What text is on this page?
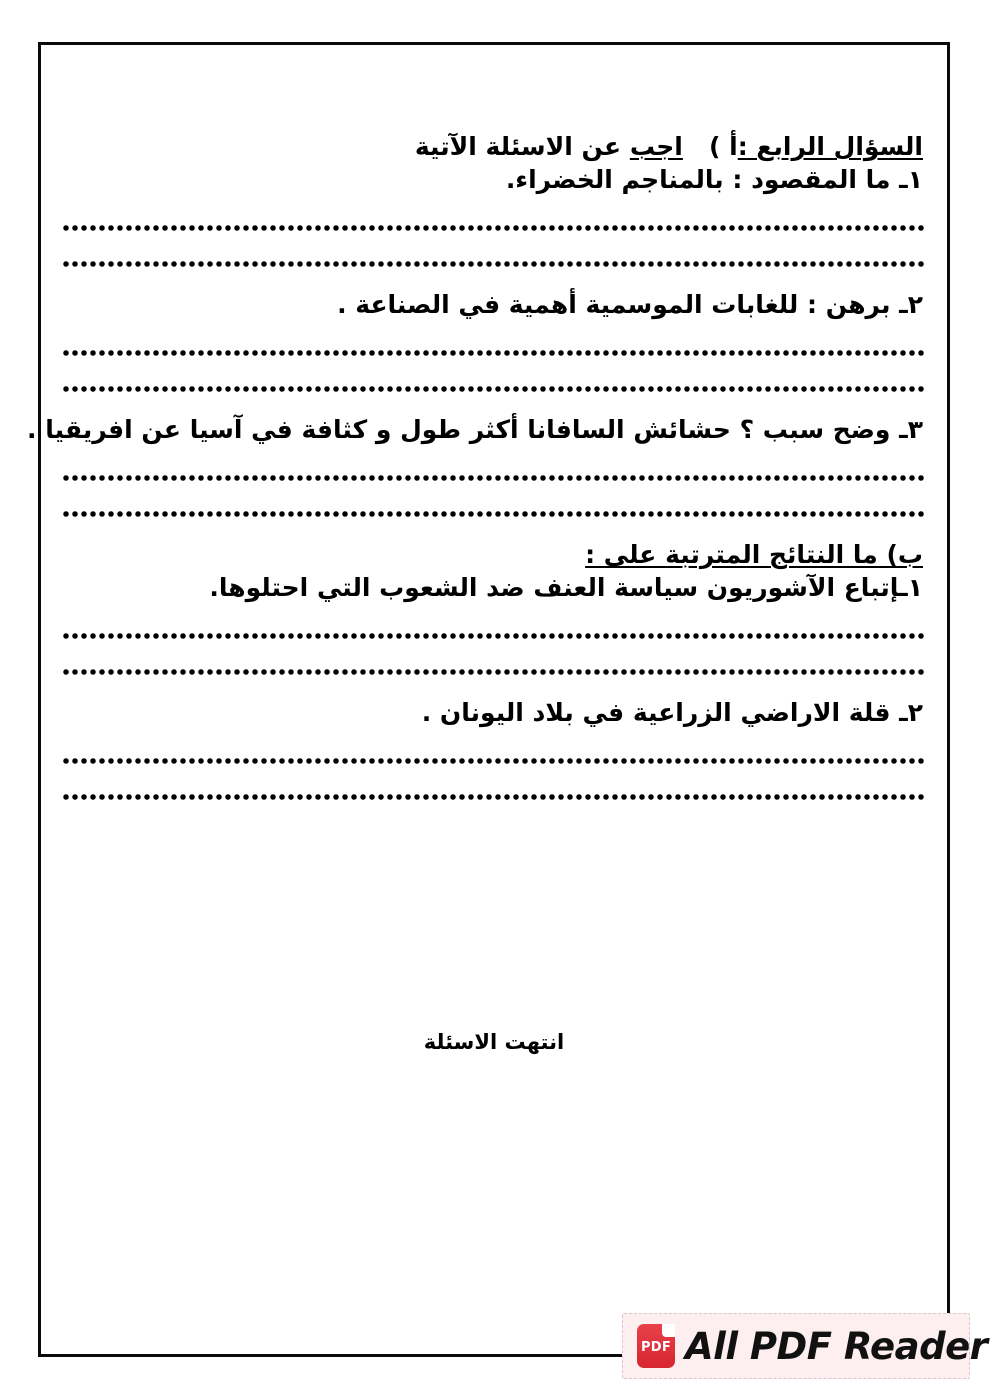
السؤال الرابع :أ )   اجب عن الاسئلة الآتية

١ـ ما المقصود : بالمناجم الخضراء.

٢ـ برهن : للغابات الموسمية أهمية في الصناعة .

٣ـ وضح سبب ؟ حشائش السافانا أكثر طول و كثافة في آسيا عن افريقيا .

ب) ما النتائج المترتبة على :

١ـإتباع الآشوريون سياسة العنف ضد الشعوب التي احتلوها.

٢ـ قلة الاراضي الزراعية في بلاد اليونان .

انتهت الاسئلة
PDF All PDF Reader
